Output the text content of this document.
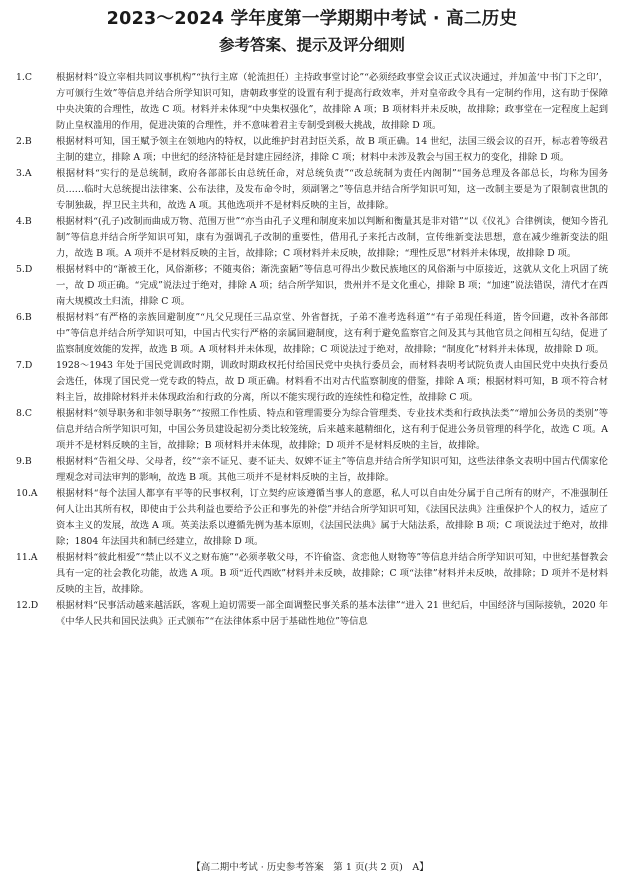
2023～2024 学年度第一学期期中考试 · 高二历史
参考答案、提示及评分细则
1.C	根据材料“设立宰相共同议事机构”“执行主席（轮流担任）主持政事堂讨论”“必须经政事堂会议正式议决通过，并加盖‘中书门下之印’，方可颁行生效”等信息并结合所学知识可知，唐朝政事堂的设置有利于提高行政效率，并对皇帝政令具有一定制约作用，这有助于保障中央决策的合理性，故选 C 项。材料并未体现“中央集权强化”，故排除 A 项；B 项材料并未反映，故排除；政事堂在一定程度上起到防止皇权滥用的作用，促进决策的合理性，并不意味着君主专制受到极大挑战，故排除 D 项。
2.B	根据材料可知，国王赋予领主在领地内的特权，以此维护封君封臣关系，故 B 项正确。14 世纪，法国三级会议的召开，标志着等级君主制的建立，排除 A 项；中世纪的经济特征是封建庄园经济，排除 C 项；材料中未涉及教会与国王权力的变化，排除 D 项。
3.A	根据材料“实行的是总统制，政府各部部长由总统任命，对总统负责”“改总统制为责任内阁制”“国务总理及各部总长，均称为国务员……临时大总统提出法律案、公布法律，及发布命令时，须副署之”等信息并结合所学知识可知，这一改制主要是为了限制袁世凯的专制独裁，捍卫民主共和，故选 A 项。其他选项并不是材料反映的主旨，故排除。
4.B	根据材料“(孔子)改制而曲成万物、范围万世”“亦当由孔子义理和制度来加以判断和衡量其是非对错”“以《仪礼》合律例读，便知今皆孔制”等信息并结合所学知识可知，康有为强调孔子改制的重要性，借用孔子来托古改制，宣传维新变法思想，意在减少维新变法的阻力，故选 B 项。A 项并不是材料反映的主旨，故排除；C 项材料并未反映，故排除；“理性反思”材料并未体现，故排除 D 项。
5.D	根据材料中的“渐被王化，风俗渐移；不随夷俗；渐洗蛮陋”等信息可得出少数民族地区的风俗渐与中原接近，这就从文化上巩固了统一，故 D 项正确。“完成”说法过于绝对，排除 A 项；结合所学知识，贵州并不是文化重心，排除 B 项；“加速”说法错误，清代才在西南大规模改土归流，排除 C 项。
6.B	根据材料“有严格的亲族回避制度”“凡父兄现任三品京堂、外省督抚，子弟不准考选科道”“有子弟现任科道，皆令回避，改补各部郎中”等信息并结合所学知识可知，中国古代实行严格的亲属回避制度，这有利于避免监察官之间及其与其他官员之间相互勾结，促进了监察制度效能的发挥，故选 B 项。A 项材料并未体现，故排除；C 项说法过于绝对，故排除；“制度化”材料并未体现，故排除 D 项。
7.D	1928～1943 年处于国民党训政时期，训政时期政权托付给国民党中央执行委员会，而材料表明考试院负责人由国民党中央执行委员会选任，体现了国民党一党专政的特点，故 D 项正确。材料看不出对古代监察制度的借鉴，排除 A 项；根据材料可知，B 项不符合材料主旨，故排除材料并未体现政治和行政的分离，所以不能实现行政的连续性和稳定性，故排除 C 项。
8.C	根据材料“领导职务和非领导职务”“按照工作性质、特点和管理需要分为综合管理类、专业技术类和行政执法类”“增加公务员的类别”等信息并结合所学知识可知，中国公务员建设起初分类比较笼统，后来越来越精细化，这有利于促进公务员管理的科学化，故选 C 项。A 项并不是材料反映的主旨，故排除；B 项材料并未体现，故排除；D 项并不是材料反映的主旨，故排除。
9.B	根据材料“告祖父母、父母者，绞”“亲不证兄、妻不证夫、奴婢不证主”等信息并结合所学知识可知，这些法律条文表明中国古代儒家伦理观念对司法审判的影响，故选 B 项。其他三项并不是材料反映的主旨，故排除。
10.A	根据材料“每个法国人都享有平等的民事权利，订立契约应该遵循当事人的意愿，私人可以自由处分属于自己所有的财产，不准强制任何人让出其所有权，即使由于公共利益也要给予公正和事先的补偿”并结合所学知识可知，《法国民法典》注重保护个人的权力，适应了资本主义的发展，故选 A 项。英美法系以遵循先例为基本原则，《法国民法典》属于大陆法系，故排除 B 项；C 项说法过于绝对，故排除；1804 年法国共和制已经建立，故排除 D 项。
11.A	根据材料“彼此相爱”“禁止以不义之财布施”“必须孝敬父母，不许偷盗、贪恋他人财物等”等信息并结合所学知识可知，中世纪基督教会具有一定的社会教化功能，故选 A 项。B 项“近代西欧”材料并未反映，故排除；C 项“法律”材料并未反映，故排除；D 项并不是材料反映的主旨，故排除。
12.D	根据材料“民事活动越来越活跃，客观上迫切需要一部全面调整民事关系的基本法律”“进入 21 世纪后，中国经济与国际接轨，2020 年《中华人民共和国民法典》正式颁布”“在法律体系中居于基础性地位”等信息
【高二期中考试 · 历史参考答案　第 1 页(共 2 页)　A】
